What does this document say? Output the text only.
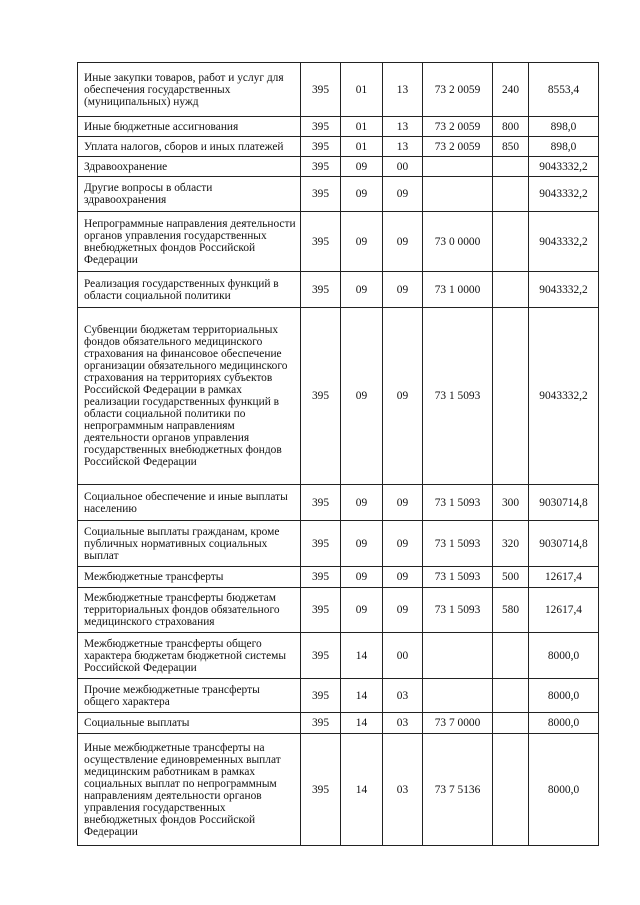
Иные закупки товаров, работ и услуг для обеспечения государственных (муниципальных) нужд	395	01	13	73 2 0059	240	8553,4
Иные бюджетные ассигнования	395	01	13	73 2 0059	800	898,0
Уплата налогов, сборов и иных платежей	395	01	13	73 2 0059	850	898,0
Здравоохранение	395	09	00			9043332,2
Другие вопросы в области здравоохранения	395	09	09			9043332,2
Непрограммные направления деятельности органов управления государственных внебюджетных фондов Российской Федерации	395	09	09	73 0 0000		9043332,2
Реализация государственных функций в области социальной политики	395	09	09	73 1 0000		9043332,2
Субвенции бюджетам территориальных фондов обязательного медицинского страхования на финансовое обеспечение организации обязательного медицинского страхования на территориях субъектов Российской Федерации в рамках реализации государственных функций в области социальной политики по непрограммным направлениям деятельности органов управления государственных внебюджетных фондов Российской Федерации	395	09	09	73 1 5093		9043332,2
Социальное обеспечение и иные выплаты населению	395	09	09	73 1 5093	300	9030714,8
Социальные выплаты гражданам, кроме публичных нормативных социальных выплат	395	09	09	73 1 5093	320	9030714,8
Межбюджетные трансферты	395	09	09	73 1 5093	500	12617,4
Межбюджетные трансферты бюджетам территориальных фондов обязательного медицинского страхования	395	09	09	73 1 5093	580	12617,4
Межбюджетные трансферты общего характера бюджетам бюджетной системы Российской Федерации	395	14	00			8000,0
Прочие межбюджетные трансферты общего характера	395	14	03			8000,0
Социальные выплаты	395	14	03	73 7 0000		8000,0
Иные межбюджетные трансферты на осуществление единовременных выплат медицинским работникам в рамках социальных выплат по непрограммным направлениям деятельности органов управления государственных внебюджетных фондов Российской Федерации	395	14	03	73 7 5136		8000,0
